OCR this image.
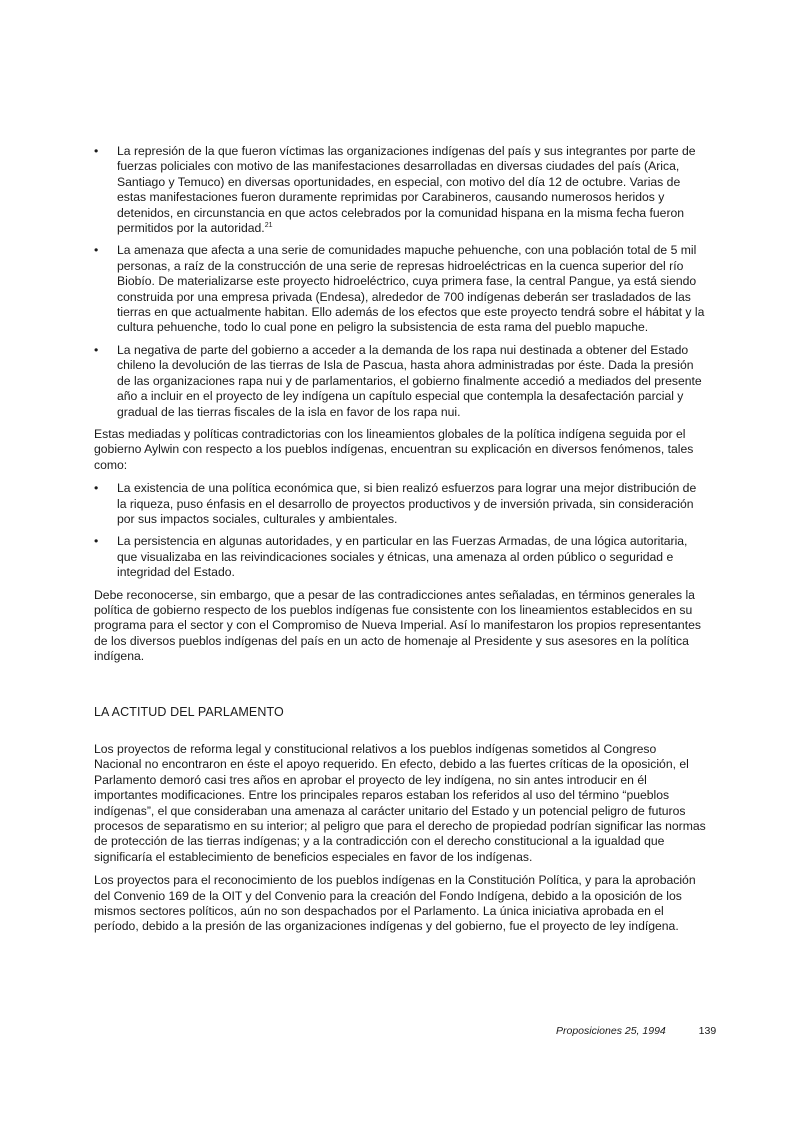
•	La represión de la que fueron víctimas las organizaciones indígenas del país y sus integrantes por parte de fuerzas policiales con motivo de las manifestaciones desarrolladas en diversas ciudades del país (Arica, Santiago y Temuco) en diversas oportunidades, en especial, con motivo del día 12 de octubre. Varias de estas manifestaciones fueron duramente reprimidas por Carabineros, causando numerosos heridos y detenidos, en circunstancia en que actos celebrados por la comunidad hispana en la misma fecha fueron permitidos por la autoridad.$^{21}$
•	La amenaza que afecta a una serie de comunidades mapuche pehuenche, con una población total de 5 mil personas, a raíz de la construcción de una serie de represas hidroeléctricas en la cuenca superior del río Biobío. De materializarse este proyecto hidroeléctrico, cuya primera fase, la central Pangue, ya está siendo construida por una empresa privada (Endesa), alrededor de 700 indígenas deberán ser trasladados de las tierras en que actualmente habitan. Ello además de los efectos que este proyecto tendrá sobre el hábitat y la cultura pehuenche, todo lo cual pone en peligro la subsistencia de esta rama del pueblo mapuche.
•	La negativa de parte del gobierno a acceder a la demanda de los rapa nui destinada a obtener del Estado chileno la devolución de las tierras de Isla de Pascua, hasta ahora administradas por éste. Dada la presión de las organizaciones rapa nui y de parlamentarios, el gobierno finalmente accedió a mediados del presente año a incluir en el proyecto de ley indígena un capítulo especial que contempla la desafectación parcial y gradual de las tierras fiscales de la isla en favor de los rapa nui.

Estas mediadas y políticas contradictorias con los lineamientos globales de la política indígena seguida por el gobierno Aylwin con respecto a los pueblos indígenas, encuentran su explicación en diversos fenómenos, tales como:

•	La existencia de una política económica que, si bien realizó esfuerzos para lograr una mejor distribución de la riqueza, puso énfasis en el desarrollo de proyectos productivos y de inversión privada, sin consideración por sus impactos sociales, culturales y ambientales.
•	La persistencia en algunas autoridades, y en particular en las Fuerzas Armadas, de una lógica autoritaria, que visualizaba en las reivindicaciones sociales y étnicas, una amenaza al orden público o seguridad e integridad del Estado.

Debe reconocerse, sin embargo, que a pesar de las contradicciones antes señaladas, en términos generales la política de gobierno respecto de los pueblos indígenas fue consistente con los lineamientos establecidos en su programa para el sector y con el Compromiso de Nueva Imperial. Así lo manifestaron los propios representantes de los diversos pueblos indígenas del país en un acto de homenaje al Presidente y sus asesores en la política indígena.

LA ACTITUD DEL PARLAMENTO

Los proyectos de reforma legal y constitucional relativos a los pueblos indígenas sometidos al Congreso Nacional no encontraron en éste el apoyo requerido. En efecto, debido a las fuertes críticas de la oposición, el Parlamento demoró casi tres años en aprobar el proyecto de ley indígena, no sin antes introducir en él importantes modificaciones. Entre los principales reparos estaban los referidos al uso del término “pueblos indígenas”, el que consideraban una amenaza al carácter unitario del Estado y un potencial peligro de futuros procesos de separatismo en su interior; al peligro que para el derecho de propiedad podrían significar las normas de protección de las tierras indígenas; y a la contradicción con el derecho constitucional a la igualdad que significaría el establecimiento de beneficios especiales en favor de los indígenas.

Los proyectos para el reconocimiento de los pueblos indígenas en la Constitución Política, y para la aprobación del Convenio 169 de la OIT y del Convenio para la creación del Fondo Indígena, debido a la oposición de los mismos sectores políticos, aún no son despachados por el Parlamento. La única iniciativa aprobada en el período, debido a la presión de las organizaciones indígenas y del gobierno, fue el proyecto de ley indígena.

Proposiciones 25, 1994	139
